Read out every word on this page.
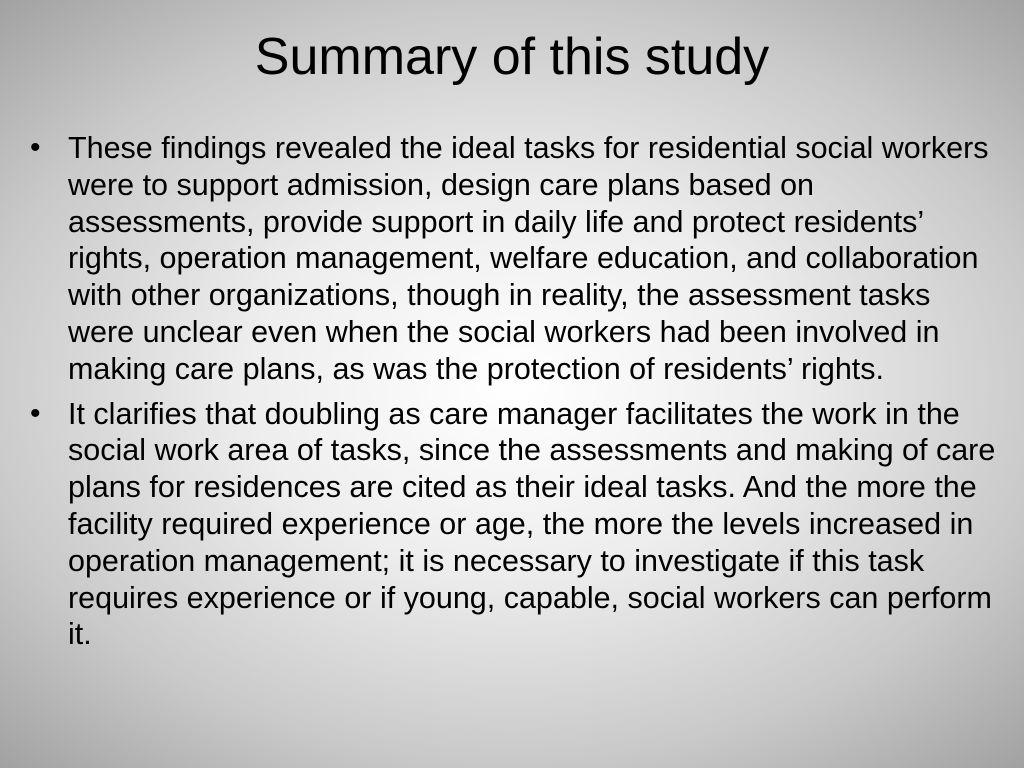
Summary of this study
• These findings revealed the ideal tasks for residential social workers were to support admission, design care plans based on assessments, provide support in daily life and protect residents’ rights, operation management, welfare education, and collaboration with other organizations, though in reality, the assessment tasks were unclear even when the social workers had been involved in making care plans, as was the protection of residents’ rights.
• It clarifies that doubling as care manager facilitates the work in the social work area of tasks, since the assessments and making of care plans for residences are cited as their ideal tasks. And the more the facility required experience or age, the more the levels increased in operation management; it is necessary to investigate if this task requires experience or if young, capable, social workers can perform it.
